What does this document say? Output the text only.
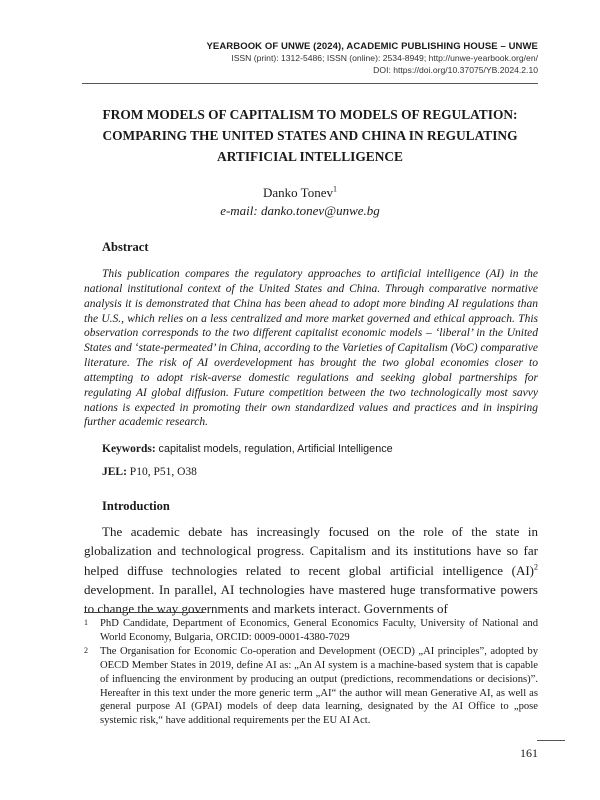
YEARBOOK OF UNWE (2024), ACADEMIC PUBLISHING HOUSE – UNWE
ISSN (print): 1312-5486; ISSN (online): 2534-8949; http://unwe-yearbook.org/en/
DOI: https://doi.org/10.37075/YB.2024.2.10
FROM MODELS OF CAPITALISM TO MODELS OF REGULATION: COMPARING THE UNITED STATES AND CHINA IN REGULATING ARTIFICIAL INTELLIGENCE
Danko Tonev$^1$
e-mail: danko.tonev@unwe.bg
Abstract

This publication compares the regulatory approaches to artificial intelligence (AI) in the national institutional context of the United States and China. Through comparative normative analysis it is demonstrated that China has been ahead to adopt more binding AI regulations than the U.S., which relies on a less centralized and more market governed and ethical approach. This observation corresponds to the two different capitalist economic models – ‘liberal’ in the United States and ‘state-permeated’ in China, according to the Varieties of Capitalism (VoC) comparative literature. The risk of AI overdevelopment has brought the two global economies closer to attempting to adopt risk-averse domestic regulations and seeking global partnerships for regulating AI global diffusion. Future competition between the two technologically most savvy nations is expected in promoting their own standardized values and practices and in inspiring further academic research.

Keywords: capitalist models, regulation, Artificial Intelligence
JEL: P10, P51, O38
Introduction

The academic debate has increasingly focused on the role of the state in globalization and technological progress. Capitalism and its institutions have so far helped diffuse technologies related to recent global artificial intelligence (AI)$^2$ development. In parallel, AI technologies have mastered huge transformative powers to change the way governments and markets interact. Governments of

1	PhD Candidate, Department of Economics, General Economics Faculty, University of National and World Economy, Bulgaria, ORCID: 0009-0001-4380-7029
2	The Organisation for Economic Co-operation and Development (OECD) „AI principles”, adopted by OECD Member States in 2019, define AI as: „An AI system is a machine-based system that is capable of influencing the environment by producing an output (predictions, recommendations or decisions)”. Hereafter in this text under the more generic term „AI“ the author will mean Generative AI, as well as general purpose AI (GPAI) models of deep data learning, designated by the AI Office to „pose systemic risk,“ have additional requirements per the EU AI Act.
161
